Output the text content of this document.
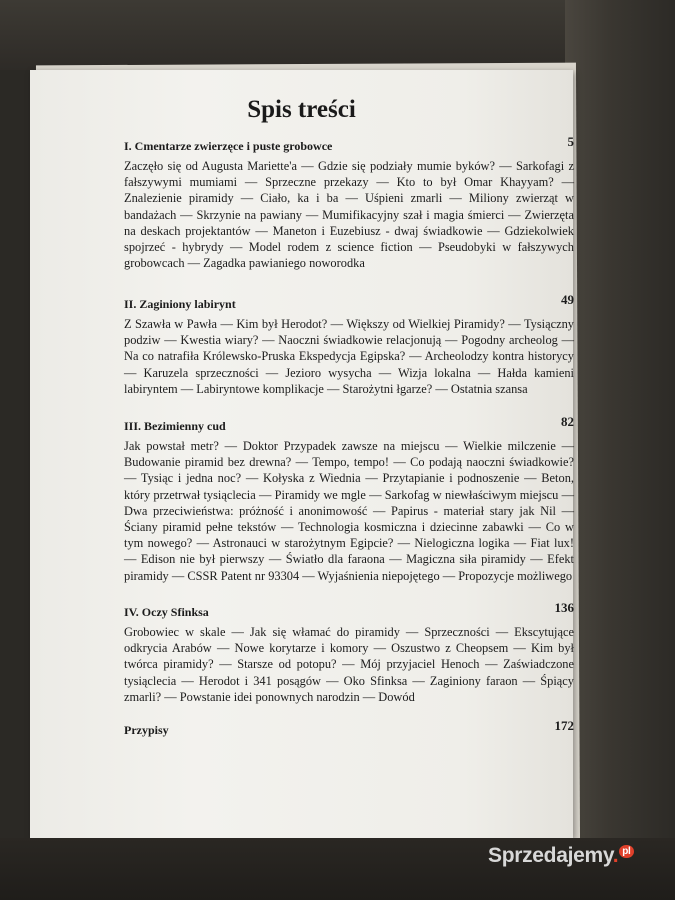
Spis treści
I. Cmentarze zwierzęce i puste grobowce	5
Zaczęło się od Augusta Mariette'a — Gdzie się podziały mumie byków? — Sarkofagi z fałszywymi mumiami — Sprzeczne przekazy — Kto to był Omar Khayyam? — Znalezienie piramidy — Ciało, ka i ba — Uśpieni zmarli — Miliony zwierząt w bandażach — Skrzynie na pawiany — Mumifikacyjny szał i magia śmierci — Zwierzęta na deskach projektantów — Maneton i Euzebiusz - dwaj świadkowie — Gdziekolwiek spojrzeć - hybrydy — Model rodem z science fiction — Pseudobyki w fałszywych grobowcach — Zagadka pawianiego noworodka
II. Zaginiony labirynt	49
Z Szawła w Pawła — Kim był Herodot? — Większy od Wielkiej Piramidy? — Tysiączny podziw — Kwestia wiary? — Naoczni świadkowie relacjonują — Pogodny archeolog — Na co natrafiła Królewsko-Pruska Ekspedycja Egipska? — Archeolodzy kontra historycy — Karuzela sprzeczności — Jezioro wysycha — Wizja lokalna — Hałda kamieni labiryntem — Labiryntowe komplikacje — Starożytni łgarze? — Ostatnia szansa
III. Bezimienny cud	82
Jak powstał metr? — Doktor Przypadek zawsze na miejscu — Wielkie milczenie — Budowanie piramid bez drewna? — Tempo, tempo! — Co podają naoczni świadkowie? — Tysiąc i jedna noc? — Kołyska z Wiednia — Przytapianie i podnoszenie — Beton, który przetrwał tysiąclecia — Piramidy we mgle — Sarkofag w niewłaściwym miejscu — Dwa przeciwieństwa: próżność i anonimowość — Papirus - materiał stary jak Nil — Ściany piramid pełne tekstów — Technologia kosmiczna i dziecinne zabawki — Co w tym nowego? — Astronauci w starożytnym Egipcie? — Nielogiczna logika — Fiat lux! — Edison nie był pierwszy — Światło dla faraona — Magiczna siła piramidy — Efekt piramidy — CSSR Patent nr 93304 — Wyjaśnienia niepojętego — Propozycje możliwego
IV. Oczy Sfinksa	136
Grobowiec w skale — Jak się włamać do piramidy — Sprzeczności — Ekscytujące odkrycia Arabów — Nowe korytarze i komory — Oszustwo z Cheopsem — Kim był twórca piramidy? — Starsze od potopu? — Mój przyjaciel Henoch — Zaświadczone tysiąclecia — Herodot i 341 posągów — Oko Sfinksa — Zaginiony faraon — Śpiący zmarli? — Powstanie idei ponownych narodzin — Dowód
Przypisy	172
Sprzedajemy. $^{pl}$
